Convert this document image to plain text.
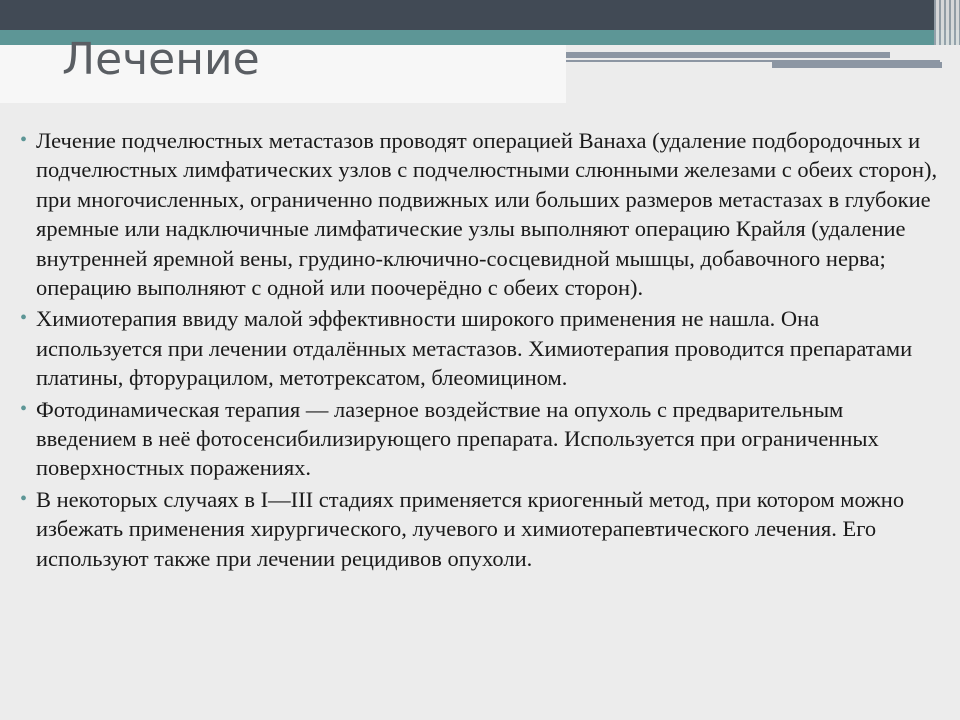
Лечение
• Лечение подчелюстных метастазов проводят операцией Ванаха (удаление подбородочных и подчелюстных лимфатических узлов с подчелюстными слюнными железами с обеих сторон), при многочисленных, ограниченно подвижных или больших размеров метастазах в глубокие яремные или надключичные лимфатические узлы выполняют операцию Крайля (удаление внутренней яремной вены, грудино-ключично-сосцевидной мышцы, добавочного нерва; операцию выполняют с одной или поочерёдно с обеих сторон).
• Химиотерапия ввиду малой эффективности широкого применения не нашла. Она используется при лечении отдалённых метастазов. Химиотерапия проводится препаратами платины, фторурацилом, метотрексатом, блеомицином.
• Фотодинамическая терапия — лазерное воздействие на опухоль с предварительным введением в неё фотосенсибилизирующего препарата. Используется при ограниченных поверхностных поражениях.
• В некоторых случаях в I—III стадиях применяется криогенный метод, при котором можно избежать применения хирургического, лучевого и химиотерапевтического лечения. Его используют также при лечении рецидивов опухоли.
